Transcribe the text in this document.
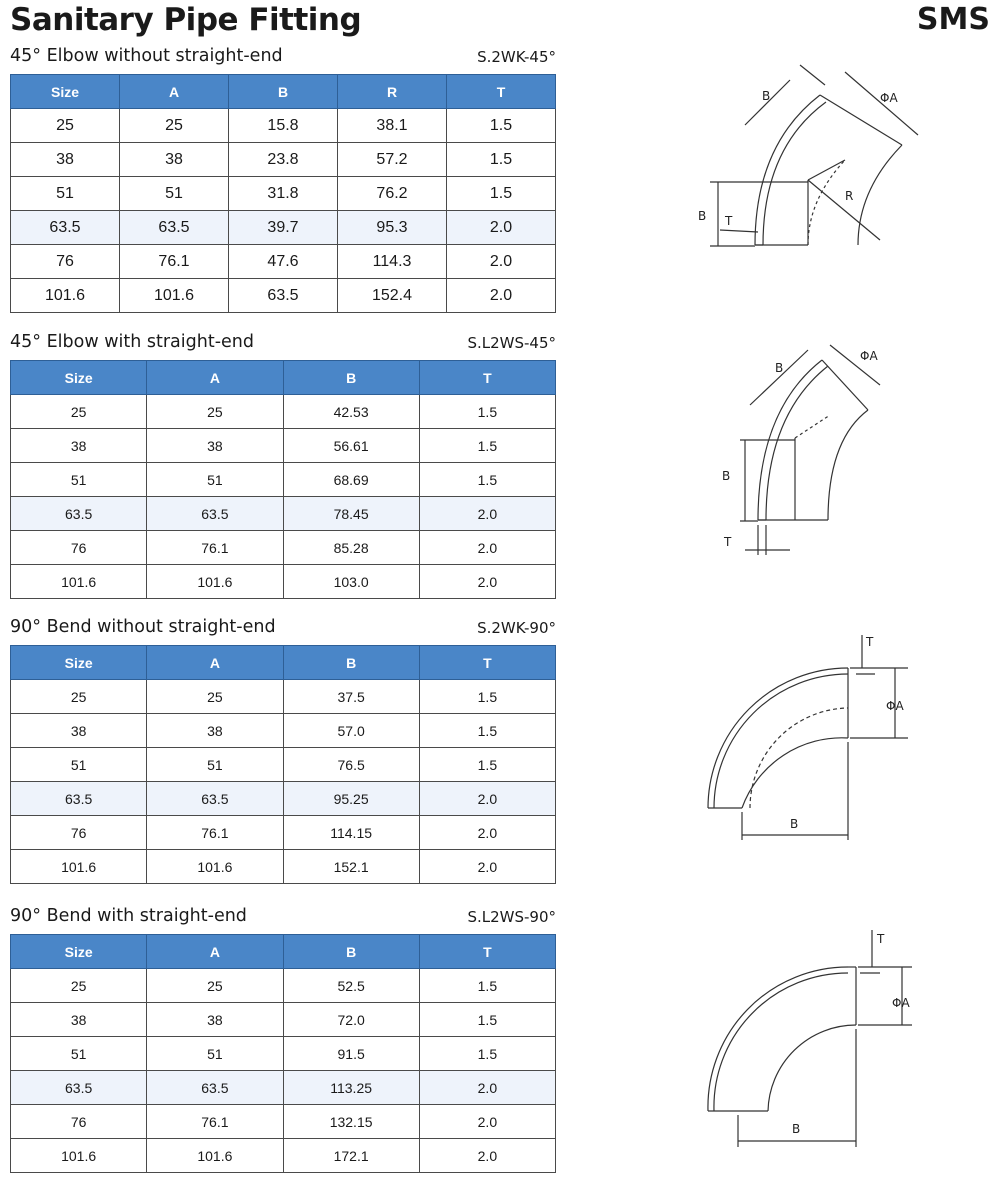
Sanitary Pipe Fitting	SMS
45° Elbow without straight-end	S.2WK-45°
Size	A	B	R	T
25	25	15.8	38.1	1.5
38	38	23.8	57.2	1.5
51	51	31.8	76.2	1.5
63.5	63.5	39.7	95.3	2.0
76	76.1	47.6	114.3	2.0
101.6	101.6	63.5	152.4	2.0
45° Elbow with straight-end	S.L2WS-45°
Size	A	B	T
25	25	42.53	1.5
38	38	56.61	1.5
51	51	68.69	1.5
63.5	63.5	78.45	2.0
76	76.1	85.28	2.0
101.6	101.6	103.0	2.0
90° Bend without straight-end	S.2WK-90°
Size	A	B	T
25	25	37.5	1.5
38	38	57.0	1.5
51	51	76.5	1.5
63.5	63.5	95.25	2.0
76	76.1	114.15	2.0
101.6	101.6	152.1	2.0
90° Bend with straight-end	S.L2WS-90°
Size	A	B	T
25	25	52.5	1.5
38	38	72.0	1.5
51	51	91.5	1.5
63.5	63.5	113.25	2.0
76	76.1	132.15	2.0
101.6	101.6	172.1	2.0
B	ΦA
R
B T
B
ΦA
B
T
ΦA
T
B
ΦA
T
B
